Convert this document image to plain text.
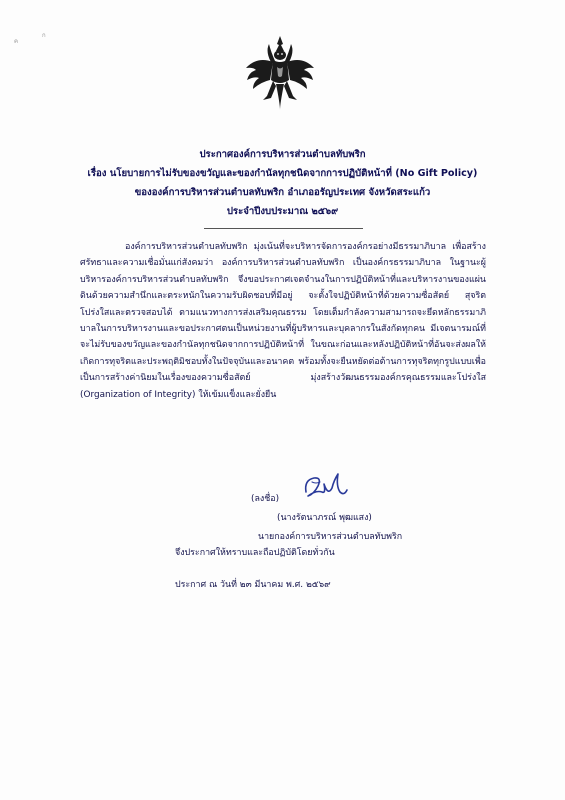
ค
ก
ประกาศองค์การบริหารส่วนตำบลทับพริก
เรื่อง นโยบายการไม่รับของขวัญและของกำนัลทุกชนิดจากการปฏิบัติหน้าที่ (No Gift Policy)
ขององค์การบริหารส่วนตำบลทับพริก อำเภออรัญประเทศ จังหวัดสระแก้ว
ประจำปีงบประมาณ ๒๕๖๙

องค์การบริหารส่วนตำบลทับพริก มุ่งเน้นที่จะบริหารจัดการองค์กรอย่างมีธรรมาภิบาล เพื่อสร้างศรัทธาและความเชื่อมั่นแก่สังคมว่า องค์การบริหารส่วนตำบลทับพริก เป็นองค์กรธรรมาภิบาล ในฐานะผู้บริหารองค์การบริหารส่วนตำบลทับพริก จึงขอประกาศเจตจำนงในการปฏิบัติหน้าที่และบริหารงานของแผ่นดินด้วยความสำนึกและตระหนักในความรับผิดชอบที่มีอยู่ จะตั้งใจปฏิบัติหน้าที่ด้วยความซื่อสัตย์ สุจริตโปร่งใสและตรวจสอบได้ ตามแนวทางการส่งเสริมคุณธรรม โดยเต็มกำลังความสามารถจะยึดหลักธรรมาภิบาลในการบริหารงานและขอประกาศตนเป็นหน่วยงานที่ผู้บริหารและบุคลากรในสังกัดทุกคน มีเจตนารมณ์ที่จะไม่รับของขวัญและของกำนัลทุกชนิดจากการปฏิบัติหน้าที่ ในขณะก่อนและหลังปฏิบัติหน้าที่อันจะส่งผลให้เกิดการทุจริตและประพฤติมิชอบทั้งในปัจจุบันและอนาคต พร้อมทั้งจะยืนหยัดต่อต้านการทุจริตทุกรูปแบบเพื่อเป็นการสร้างค่านิยมในเรื่องของความซื่อสัตย์ มุ่งสร้างวัฒนธรรมองค์กรคุณธรรมและโปร่งใส (Organization of Integrity) ให้เข้มแข็งและยั่งยืน

จึงประกาศให้ทราบและถือปฏิบัติโดยทั่วกัน
ประกาศ ณ วันที่ ๒๓ มีนาคม พ.ศ. ๒๕๖๙
(ลงชื่อ)
(นางรัตนาภรณ์ พุฒแสง)
นายกองค์การบริหารส่วนตำบลทับพริก
